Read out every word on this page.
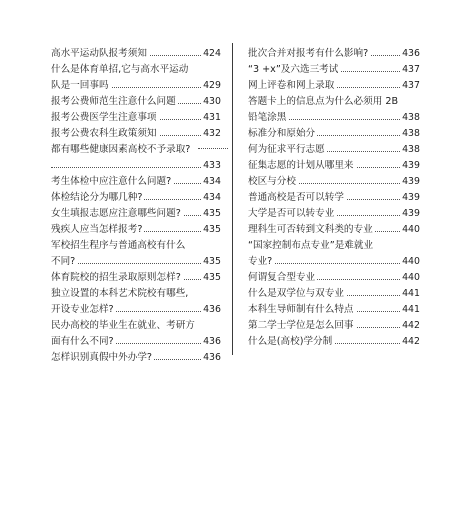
高水平运动队报考须知	424
什么是体育单招,它与高水平运动
队是一回事吗	429
报考公费师范生注意什么问题	430
报考公费医学生注意事项	431
报考公费农科生政策须知	432
都有哪些健康因素高校不予录取?
433
考生体检中应注意什么问题?	434
体检结论分为哪几种?	434
女生填报志愿应注意哪些问题? 435
残疾人应当怎样报考?	435
军校招生程序与普通高校有什么
不同?	435
体育院校的招生录取原则怎样? 435
独立设置的本科艺术院校有哪些,
开设专业怎样?	436
民办高校的毕业生在就业、考研方
面有什么不同?	436
怎样识别真假中外办学?	436
批次合并对报考有什么影响?	436
“3 +x”及六选三考试	437
网上评卷和网上录取	437
答题卡上的信息点为什么必须用 2B
铅笔涂黑	438
标准分和原始分	438
何为征求平行志愿	438
征集志愿的计划从哪里来	439
校区与分校	439
普通高校是否可以转学	439
大学是否可以转专业	439
理科生可否转到文科类的专业	440
“国家控制布点专业”是难就业
专业?	440
何谓复合型专业	440
什么是双学位与双专业	441
本科生导师制有什么特点	441
第二学士学位是怎么回事	442
什么是(高校)学分制	442
